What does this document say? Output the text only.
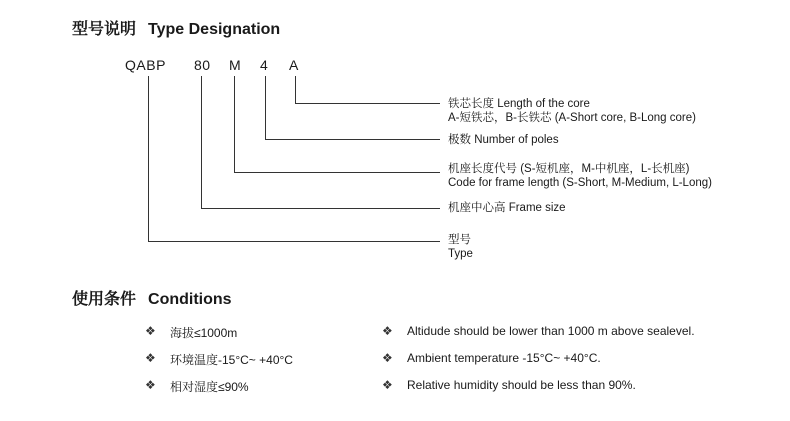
型号说明 Type Designation
QABP 80 M 4 A
铁芯长度 Length of the core
A-短铁芯，B-长铁芯 (A-Short core, B-Long core)
极数 Number of poles
机座长度代号 (S-短机座，M-中机座，L-长机座)
Code for frame length (S-Short, M-Medium, L-Long)
机座中心高 Frame size
型号
Type
使用条件 Conditions
❖ 海拔≤1000m
❖ 环境温度-15°C~ +40°C
❖ 相对湿度≤90%
❖ Altidude should be lower than 1000 m above sealevel.
❖ Ambient temperature -15°C~ +40°C.
❖ Relative humidity should be less than 90%.
